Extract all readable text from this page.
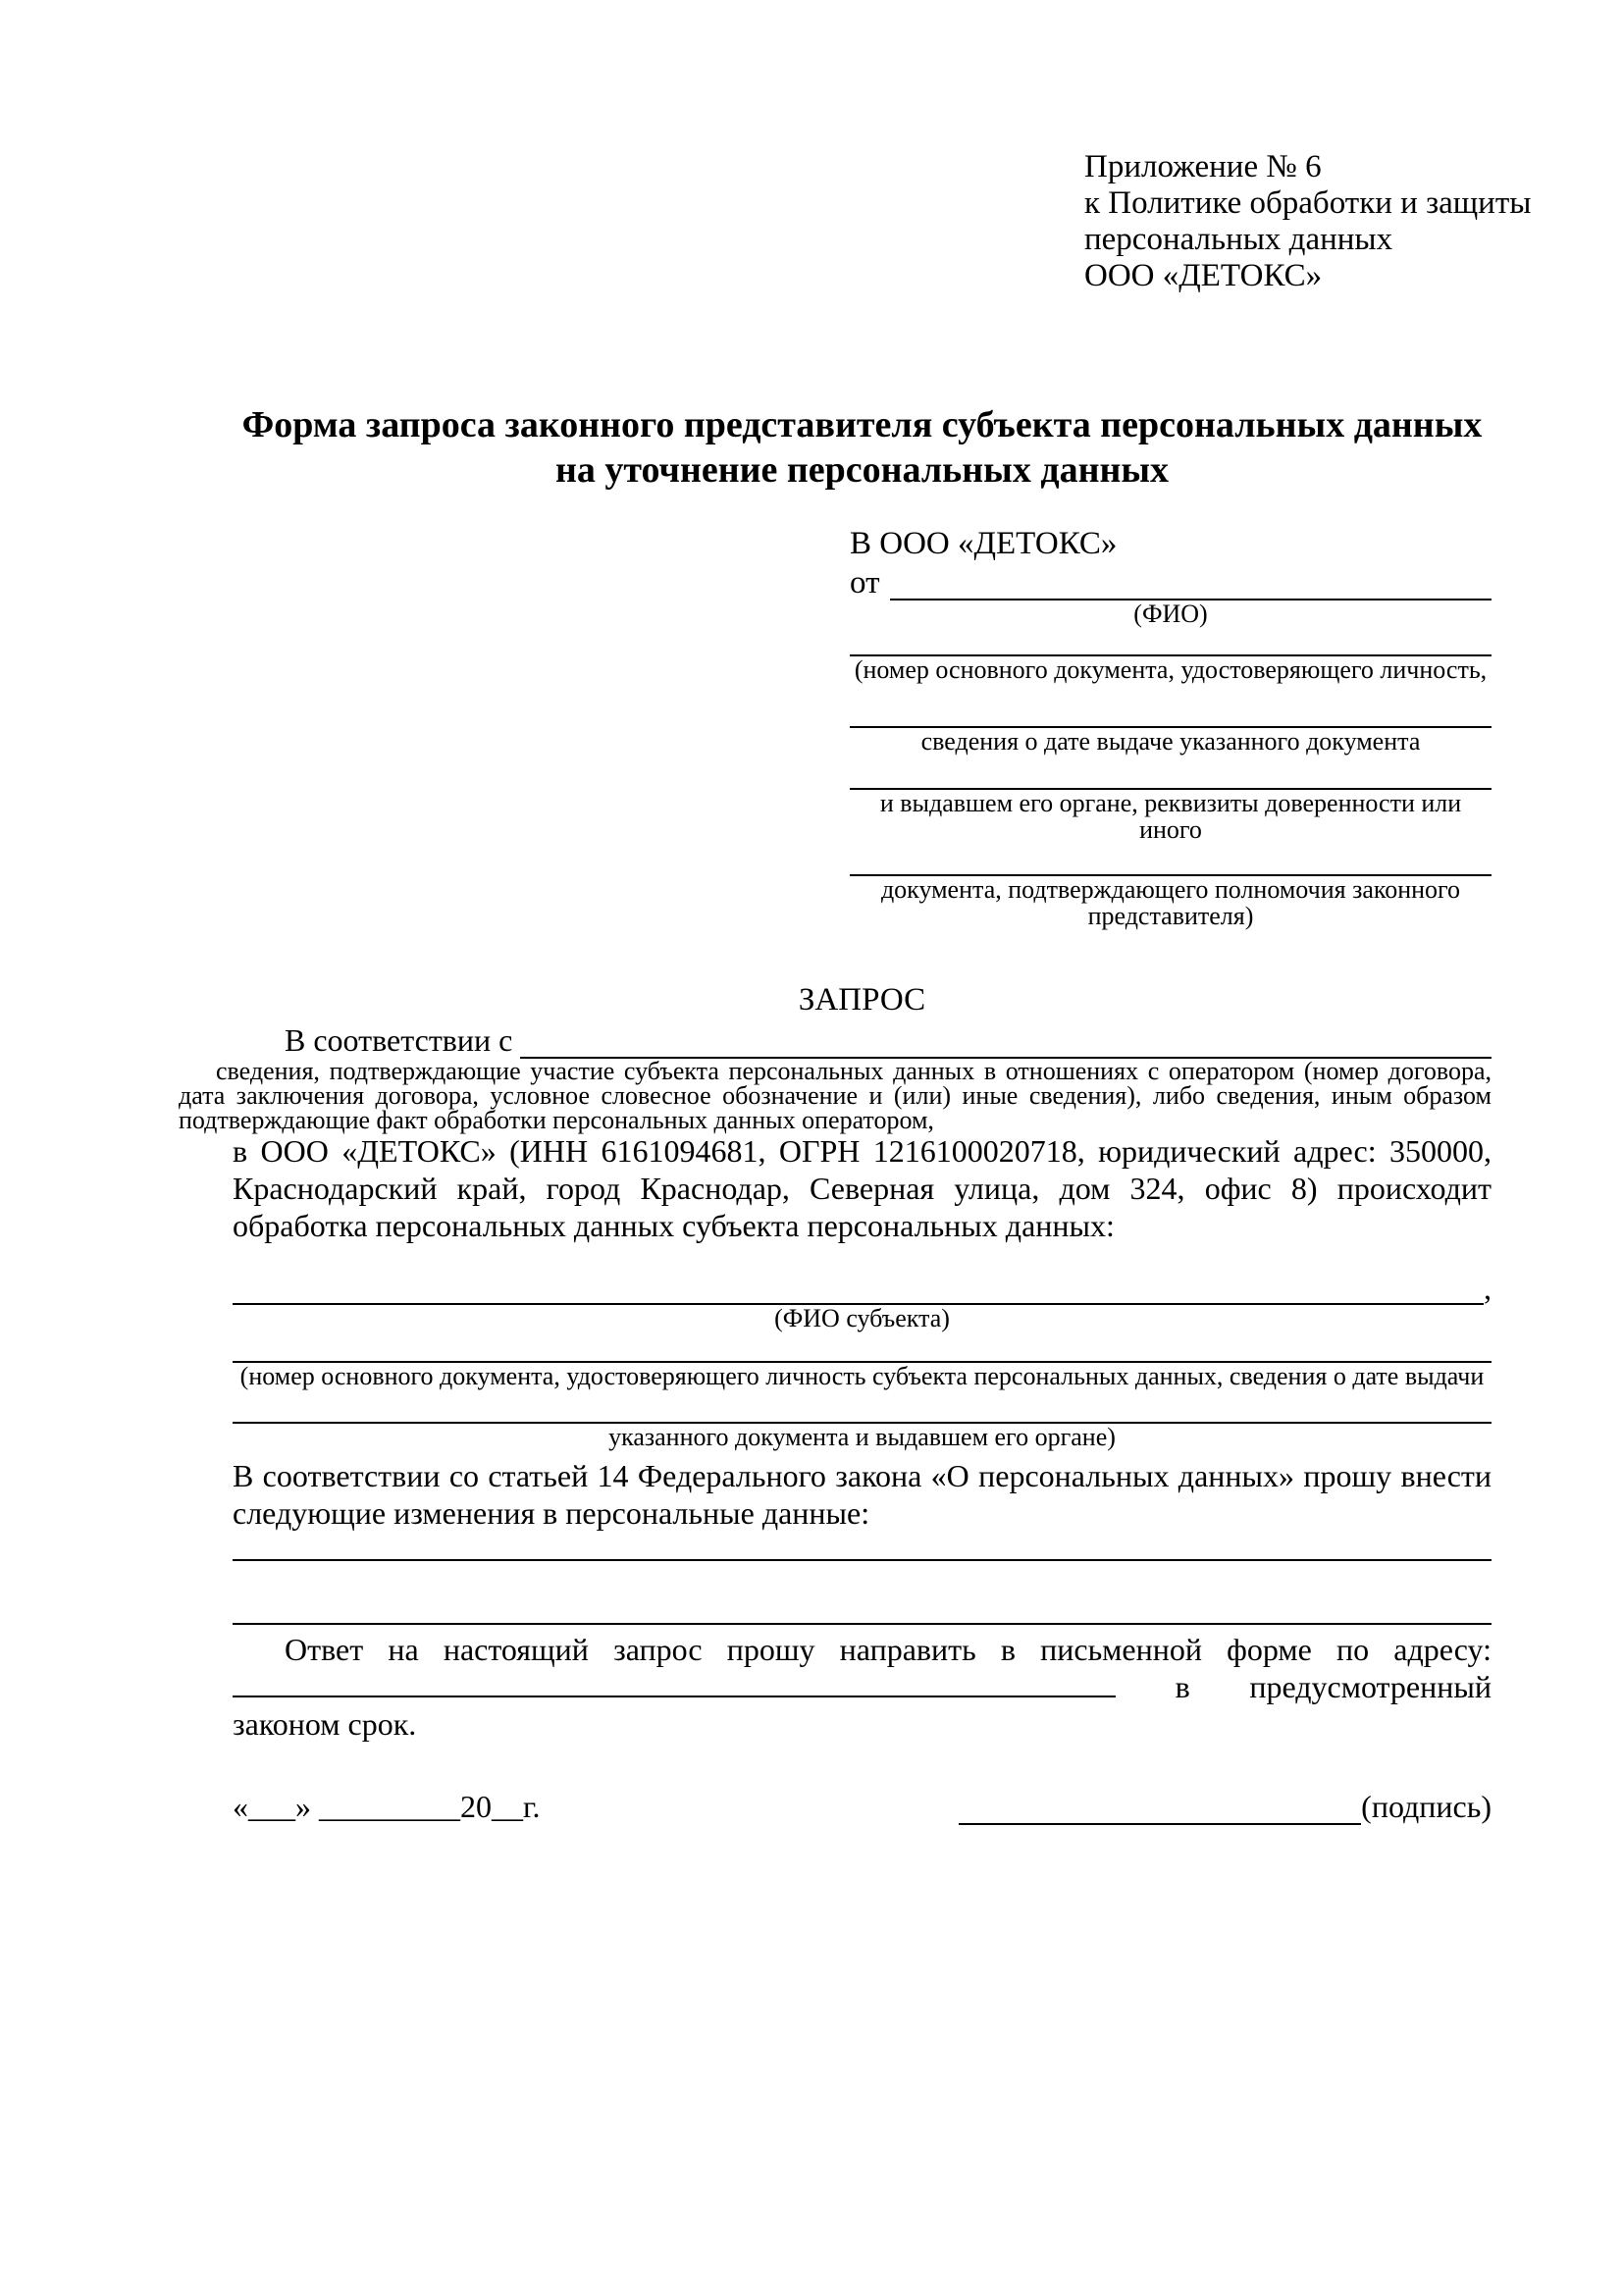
Приложение № 6
к Политике обработки и защиты
персональных данных
ООО «ДЕТОКС»
Форма запроса законного представителя субъекта персональных данных
на уточнение персональных данных
В ООО «ДЕТОКС»
от
(ФИО)
(номер основного документа, удостоверяющего личность,
сведения о дате выдаче указанного документа
и выдавшем его органе, реквизиты доверенности или иного
документа, подтверждающего полномочия законного представителя)
ЗАПРОС
В соответствии с
сведения, подтверждающие участие субъекта персональных данных в отношениях с оператором (номер договора, дата заключения договора, условное словесное обозначение и (или) иные сведения), либо сведения, иным образом подтверждающие факт обработки персональных данных оператором,

в ООО «ДЕТОКС» (ИНН 6161094681, ОГРН 1216100020718, юридический адрес: 350000, Краснодарский край, город Краснодар, Северная улица, дом 324, офис 8) происходит обработка персональных данных субъекта персональных данных:

,
(ФИО субъекта)
(номер основного документа, удостоверяющего личность субъекта персональных данных, сведения о дате выдачи
указанного документа и выдавшем его органе)

В соответствии со статьей 14 Федерального закона «О персональных данных» прошу внести следующие изменения в персональные данные:

Ответ на настоящий запрос прошу направить в письменной форме по адресу:  в предусмотренный законом срок.

«___» _________20__г.	(подпись)
